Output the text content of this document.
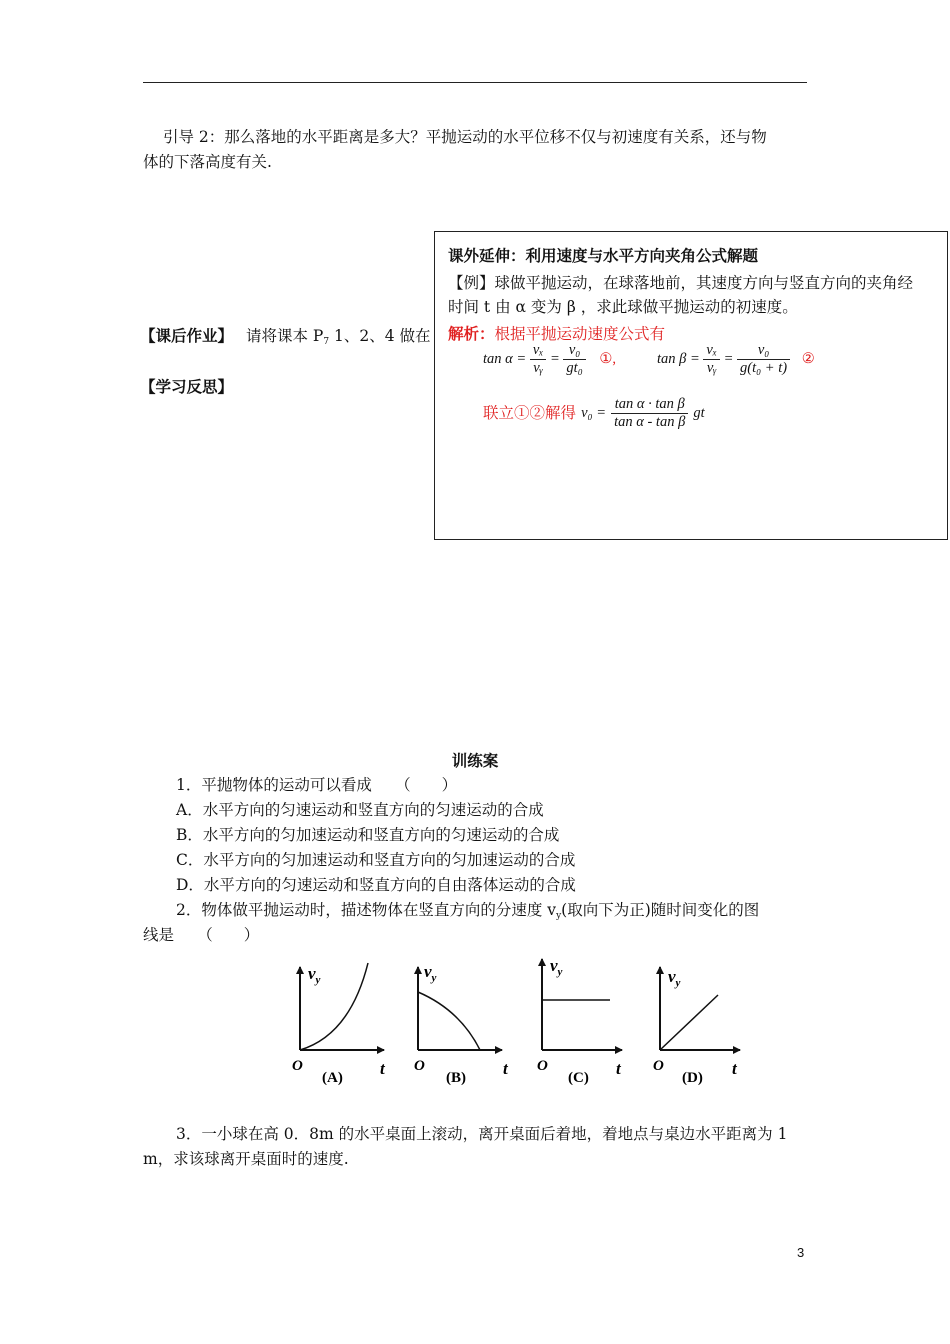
引导 2：那么落地的水平距离是多大？平抛运动的水平位移不仅与初速度有关系，还与物
体的下落高度有关.
【课后作业】 请将课本 P7 1、2、4 做在
【学习反思】
课外延伸：利用速度与水平方向夹角公式解题
【例】球做平抛运动，在球落地前，其速度方向与竖直方向的夹角经
时间 t 由 α 变为 β ，求此球做平抛运动的初速度。
解析：根据平抛运动速度公式有
$\tan \alpha = \frac{\text{vₓ}}{\text{vᵧ}} = \frac{\text{v₀}}{\text{gt₀}}$ ①,	$\tan \beta = \frac{\text{vₓ}}{\text{vᵧ}} = \frac{\text{v₀}}{\text{g(t₀ + t)}}$ ②
联立①②解得 $v_0 = \frac{\text{tan α · tan β}}{\text{tan α - tan β}}$ gt
训练案
1．平抛物体的运动可以看成　　（　　）
A．水平方向的匀速运动和竖直方向的匀速运动的合成
B．水平方向的匀加速运动和竖直方向的匀速运动的合成
C．水平方向的匀加速运动和竖直方向的匀加速运动的合成
D．水平方向的匀速运动和竖直方向的自由落体运动的合成
2．物体做平抛运动时，描述物体在竖直方向的分速度 vy(取向下为正)随时间变化的图
线是　　（　　）
$v_y$
O	t
(A)
$v_y$
O	t
(B)
$v_y$
O	t
(C)
$v_y$
O	t
(D)
3．一小球在高 0．8m 的水平桌面上滚动，离开桌面后着地，着地点与桌边水平距离为 1
m，求该球离开桌面时的速度.
3
